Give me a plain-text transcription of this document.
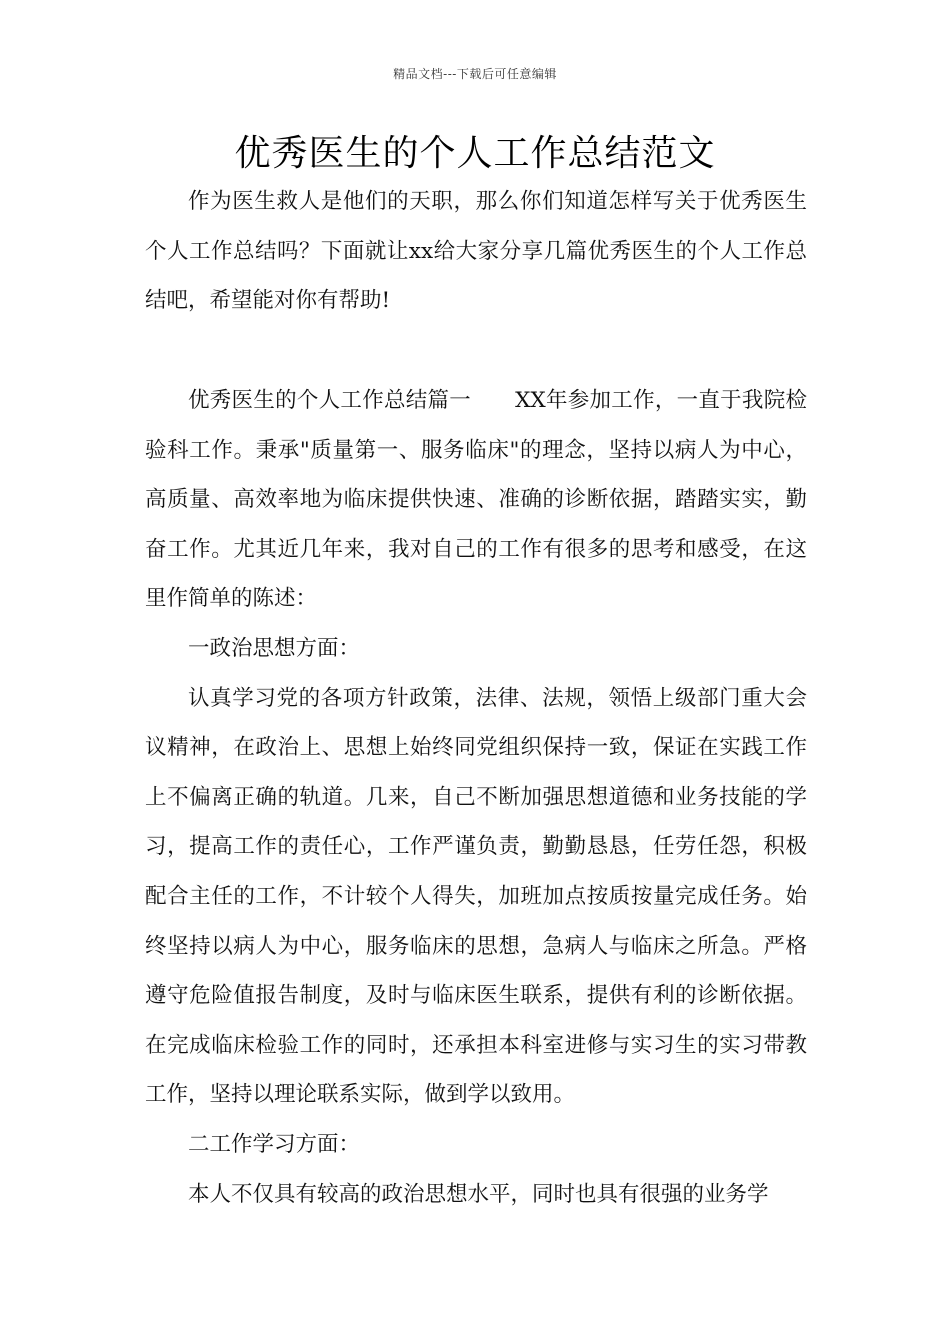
精品文档---下载后可任意编辑
优秀医生的个人工作总结范文

作为医生救人是他们的天职，那么你们知道怎样写关于优秀医生个人工作总结吗？下面就让xx给大家分享几篇优秀医生的个人工作总结吧，希望能对你有帮助!

优秀医生的个人工作总结篇一 XX年参加工作，一直于我院检验科工作。秉承"质量第一、服务临床"的理念，坚持以病人为中心，高质量、高效率地为临床提供快速、准确的诊断依据，踏踏实实，勤奋工作。尤其近几年来，我对自己的工作有很多的思考和感受，在这里作简单的陈述：

一政治思想方面：

认真学习党的各项方针政策，法律、法规，领悟上级部门重大会议精神，在政治上、思想上始终同党组织保持一致，保证在实践工作上不偏离正确的轨道。几来，自己不断加强思想道德和业务技能的学习，提高工作的责任心，工作严谨负责，勤勤恳恳，任劳任怨，积极配合主任的工作，不计较个人得失，加班加点按质按量完成任务。始终坚持以病人为中心，服务临床的思想，急病人与临床之所急。严格遵守危险值报告制度，及时与临床医生联系，提供有利的诊断依据。在完成临床检验工作的同时，还承担本科室进修与实习生的实习带教工作，坚持以理论联系实际，做到学以致用。

二工作学习方面：

本人不仅具有较高的政治思想水平，同时也具有很强的业务学
